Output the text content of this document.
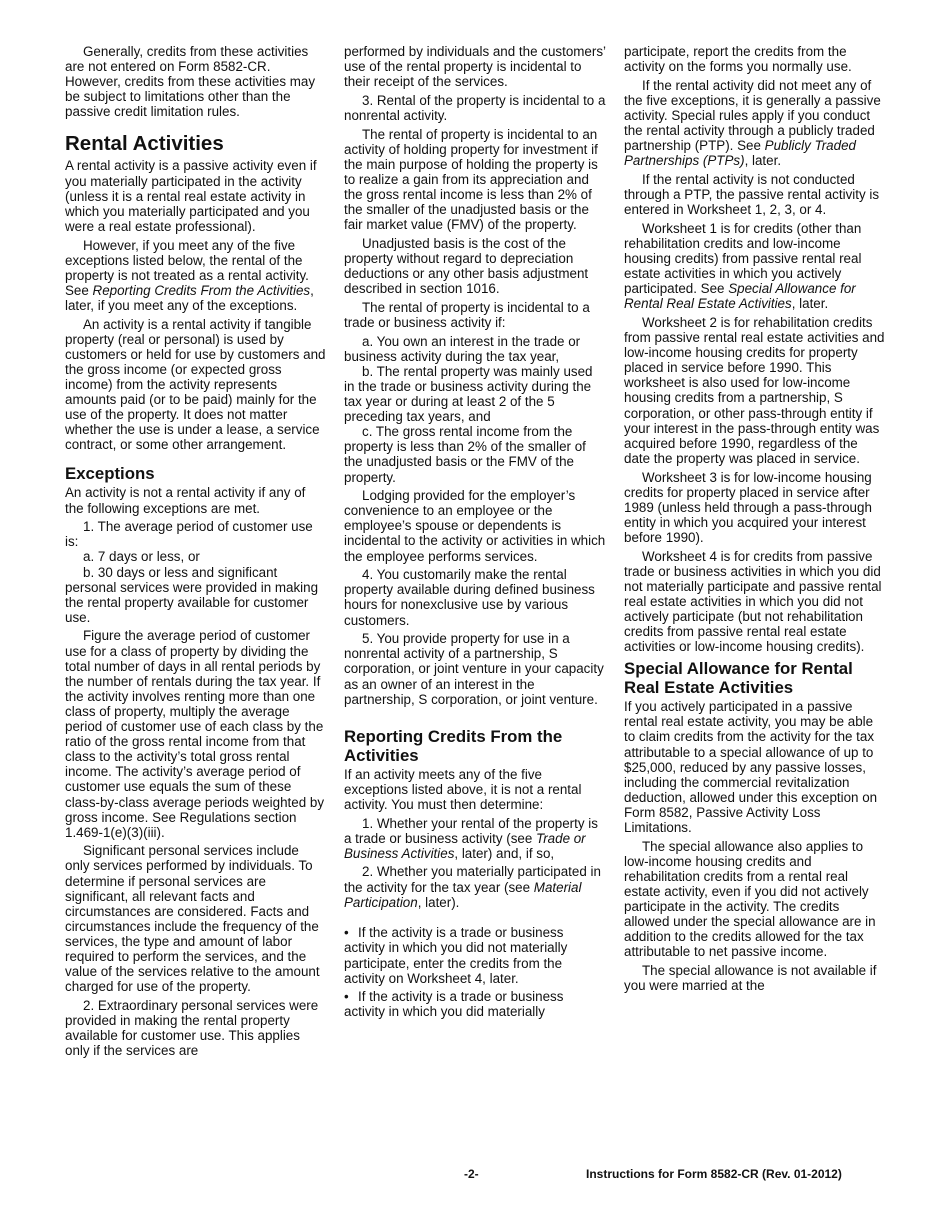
Generally, credits from these activities are not entered on Form 8582-CR. However, credits from these activities may be subject to limitations other than the passive credit limitation rules.

Rental Activities

A rental activity is a passive activity even if you materially participated in the activity (unless it is a rental real estate activity in which you materially participated and you were a real estate professional).

However, if you meet any of the five exceptions listed below, the rental of the property is not treated as a rental activity. See Reporting Credits From the Activities, later, if you meet any of the exceptions.

An activity is a rental activity if tangible property (real or personal) is used by customers or held for use by customers and the gross income (or expected gross income) from the activity represents amounts paid (or to be paid) mainly for the use of the property. It does not matter whether the use is under a lease, a service contract, or some other arrangement.

Exceptions

An activity is not a rental activity if any of the following exceptions are met.

1. The average period of customer use is:

a. 7 days or less, or

b. 30 days or less and significant personal services were provided in making the rental property available for customer use.

Figure the average period of customer use for a class of property by dividing the total number of days in all rental periods by the number of rentals during the tax year. If the activity involves renting more than one class of property, multiply the average period of customer use of each class by the ratio of the gross rental income from that class to the activity’s total gross rental income. The activity’s average period of customer use equals the sum of these class-by-class average periods weighted by gross income. See Regulations section 1.469-1(e)(3)(iii).

Significant personal services include only services performed by individuals. To determine if personal services are significant, all relevant facts and circumstances are considered. Facts and circumstances include the frequency of the services, the type and amount of labor required to perform the services, and the value of the services relative to the amount charged for use of the property.

2. Extraordinary personal services were provided in making the rental property available for customer use. This applies only if the services are

performed by individuals and the customers’ use of the rental property is incidental to their receipt of the services.

3. Rental of the property is incidental to a nonrental activity.

The rental of property is incidental to an activity of holding property for investment if the main purpose of holding the property is to realize a gain from its appreciation and the gross rental income is less than 2% of the smaller of the unadjusted basis or the fair market value (FMV) of the property.

Unadjusted basis is the cost of the property without regard to depreciation deductions or any other basis adjustment described in section 1016.

The rental of property is incidental to a trade or business activity if:

a. You own an interest in the trade or business activity during the tax year,

b. The rental property was mainly used in the trade or business activity during the tax year or during at least 2 of the 5 preceding tax years, and

c. The gross rental income from the property is less than 2% of the smaller of the unadjusted basis or the FMV of the property.

Lodging provided for the employer’s convenience to an employee or the employee’s spouse or dependents is incidental to the activity or activities in which the employee performs services.

4. You customarily make the rental property available during defined business hours for nonexclusive use by various customers.

5. You provide property for use in a nonrental activity of a partnership, S corporation, or joint venture in your capacity as an owner of an interest in the partnership, S corporation, or joint venture.

Reporting Credits From the Activities

If an activity meets any of the five exceptions listed above, it is not a rental activity. You must then determine:

1. Whether your rental of the property is a trade or business activity (see Trade or Business Activities, later) and, if so,

2. Whether you materially participated in the activity for the tax year (see Material Participation, later).

• If the activity is a trade or business activity in which you did not materially participate, enter the credits from the activity on Worksheet 4, later.

• If the activity is a trade or business activity in which you did materially

participate, report the credits from the activity on the forms you normally use.

If the rental activity did not meet any of the five exceptions, it is generally a passive activity. Special rules apply if you conduct the rental activity through a publicly traded partnership (PTP). See Publicly Traded Partnerships (PTPs), later.

If the rental activity is not conducted through a PTP, the passive rental activity is entered in Worksheet 1, 2, 3, or 4.

Worksheet 1 is for credits (other than rehabilitation credits and low-income housing credits) from passive rental real estate activities in which you actively participated. See Special Allowance for Rental Real Estate Activities, later.

Worksheet 2 is for rehabilitation credits from passive rental real estate activities and low-income housing credits for property placed in service before 1990. This worksheet is also used for low-income housing credits from a partnership, S corporation, or other pass-through entity if your interest in the pass-through entity was acquired before 1990, regardless of the date the property was placed in service.

Worksheet 3 is for low-income housing credits for property placed in service after 1989 (unless held through a pass-through entity in which you acquired your interest before 1990).

Worksheet 4 is for credits from passive trade or business activities in which you did not materially participate and passive rental real estate activities in which you did not actively participate (but not rehabilitation credits from passive rental real estate activities or low-income housing credits).

Special Allowance for Rental Real Estate Activities

If you actively participated in a passive rental real estate activity, you may be able to claim credits from the activity for the tax attributable to a special allowance of up to $25,000, reduced by any passive losses, including the commercial revitalization deduction, allowed under this exception on Form 8582, Passive Activity Loss Limitations.

The special allowance also applies to low-income housing credits and rehabilitation credits from a rental real estate activity, even if you did not actively participate in the activity. The credits allowed under the special allowance are in addition to the credits allowed for the tax attributable to net passive income.

The special allowance is not available if you were married at the

-2-	Instructions for Form 8582-CR (Rev. 01-2012)
